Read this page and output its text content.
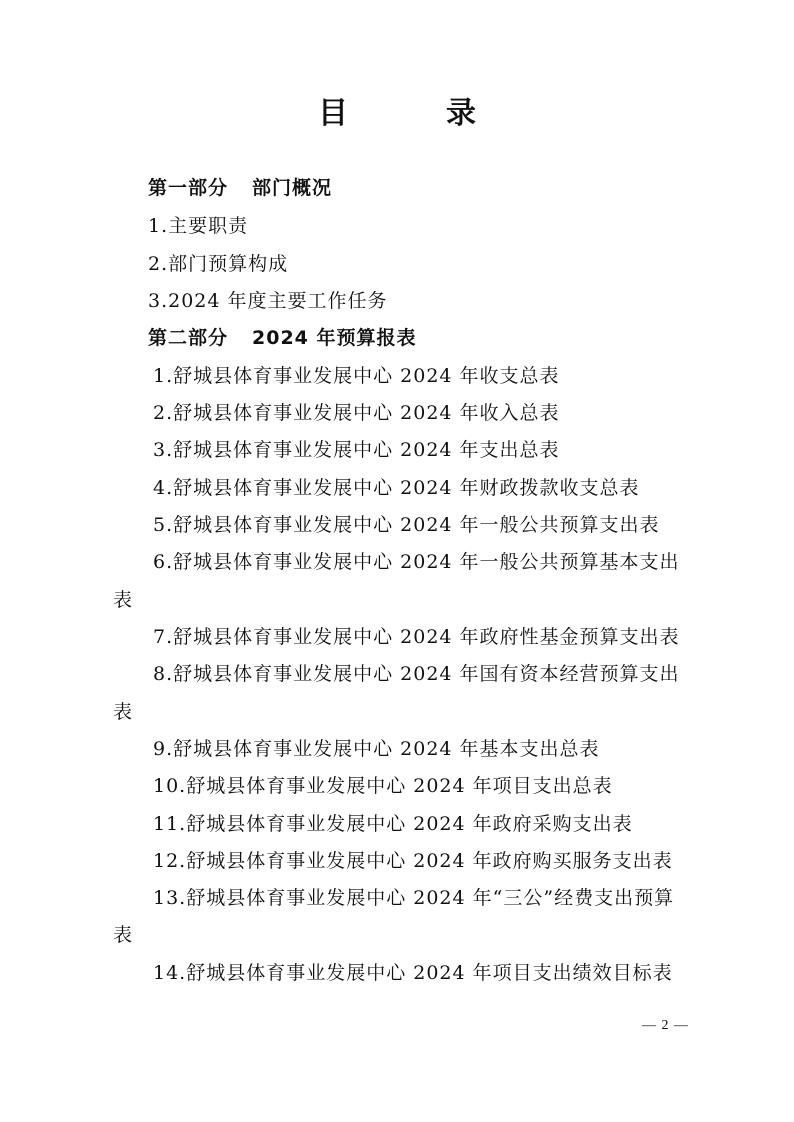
目　录
第一部分 部门概况
1.主要职责
2.部门预算构成
3.2024 年度主要工作任务
第二部分 2024 年预算报表
1.舒城县体育事业发展中心 2024 年收支总表
2.舒城县体育事业发展中心 2024 年收入总表
3.舒城县体育事业发展中心 2024 年支出总表
4.舒城县体育事业发展中心 2024 年财政拨款收支总表
5.舒城县体育事业发展中心 2024 年一般公共预算支出表
6.舒城县体育事业发展中心 2024 年一般公共预算基本支出
表
7.舒城县体育事业发展中心 2024 年政府性基金预算支出表
8.舒城县体育事业发展中心 2024 年国有资本经营预算支出
表
9.舒城县体育事业发展中心 2024 年基本支出总表
10.舒城县体育事业发展中心 2024 年项目支出总表
11.舒城县体育事业发展中心 2024 年政府采购支出表
12.舒城县体育事业发展中心 2024 年政府购买服务支出表
13.舒城县体育事业发展中心 2024 年“三公”经费支出预算
表
14.舒城县体育事业发展中心 2024 年项目支出绩效目标表
— 2 —
